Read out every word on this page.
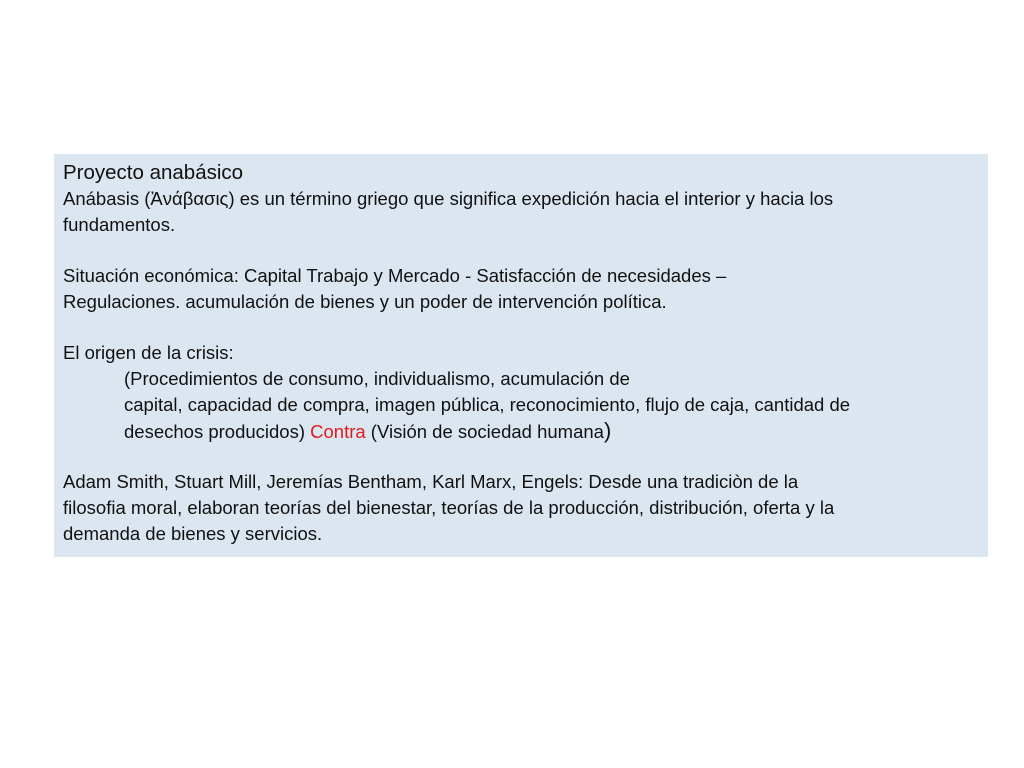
Proyecto anabásico
Anábasis (Ἀνάβασις) es un término griego que significa expedición hacia el interior y hacia los
fundamentos.
Situación económica: Capital Trabajo y Mercado - Satisfacción de necesidades –
Regulaciones. acumulación de bienes y un poder de intervención política.
El origen de la crisis:
(Procedimientos de consumo, individualismo, acumulación de
capital, capacidad de compra, imagen pública, reconocimiento, flujo de caja, cantidad de
desechos producidos) Contra (Visión de sociedad humana)
Adam Smith, Stuart Mill, Jeremías Bentham, Karl Marx, Engels: Desde una tradiciòn de la
filosofia moral, elaboran teorías del bienestar, teorías de la producción, distribución, oferta y la
demanda de bienes y servicios.
